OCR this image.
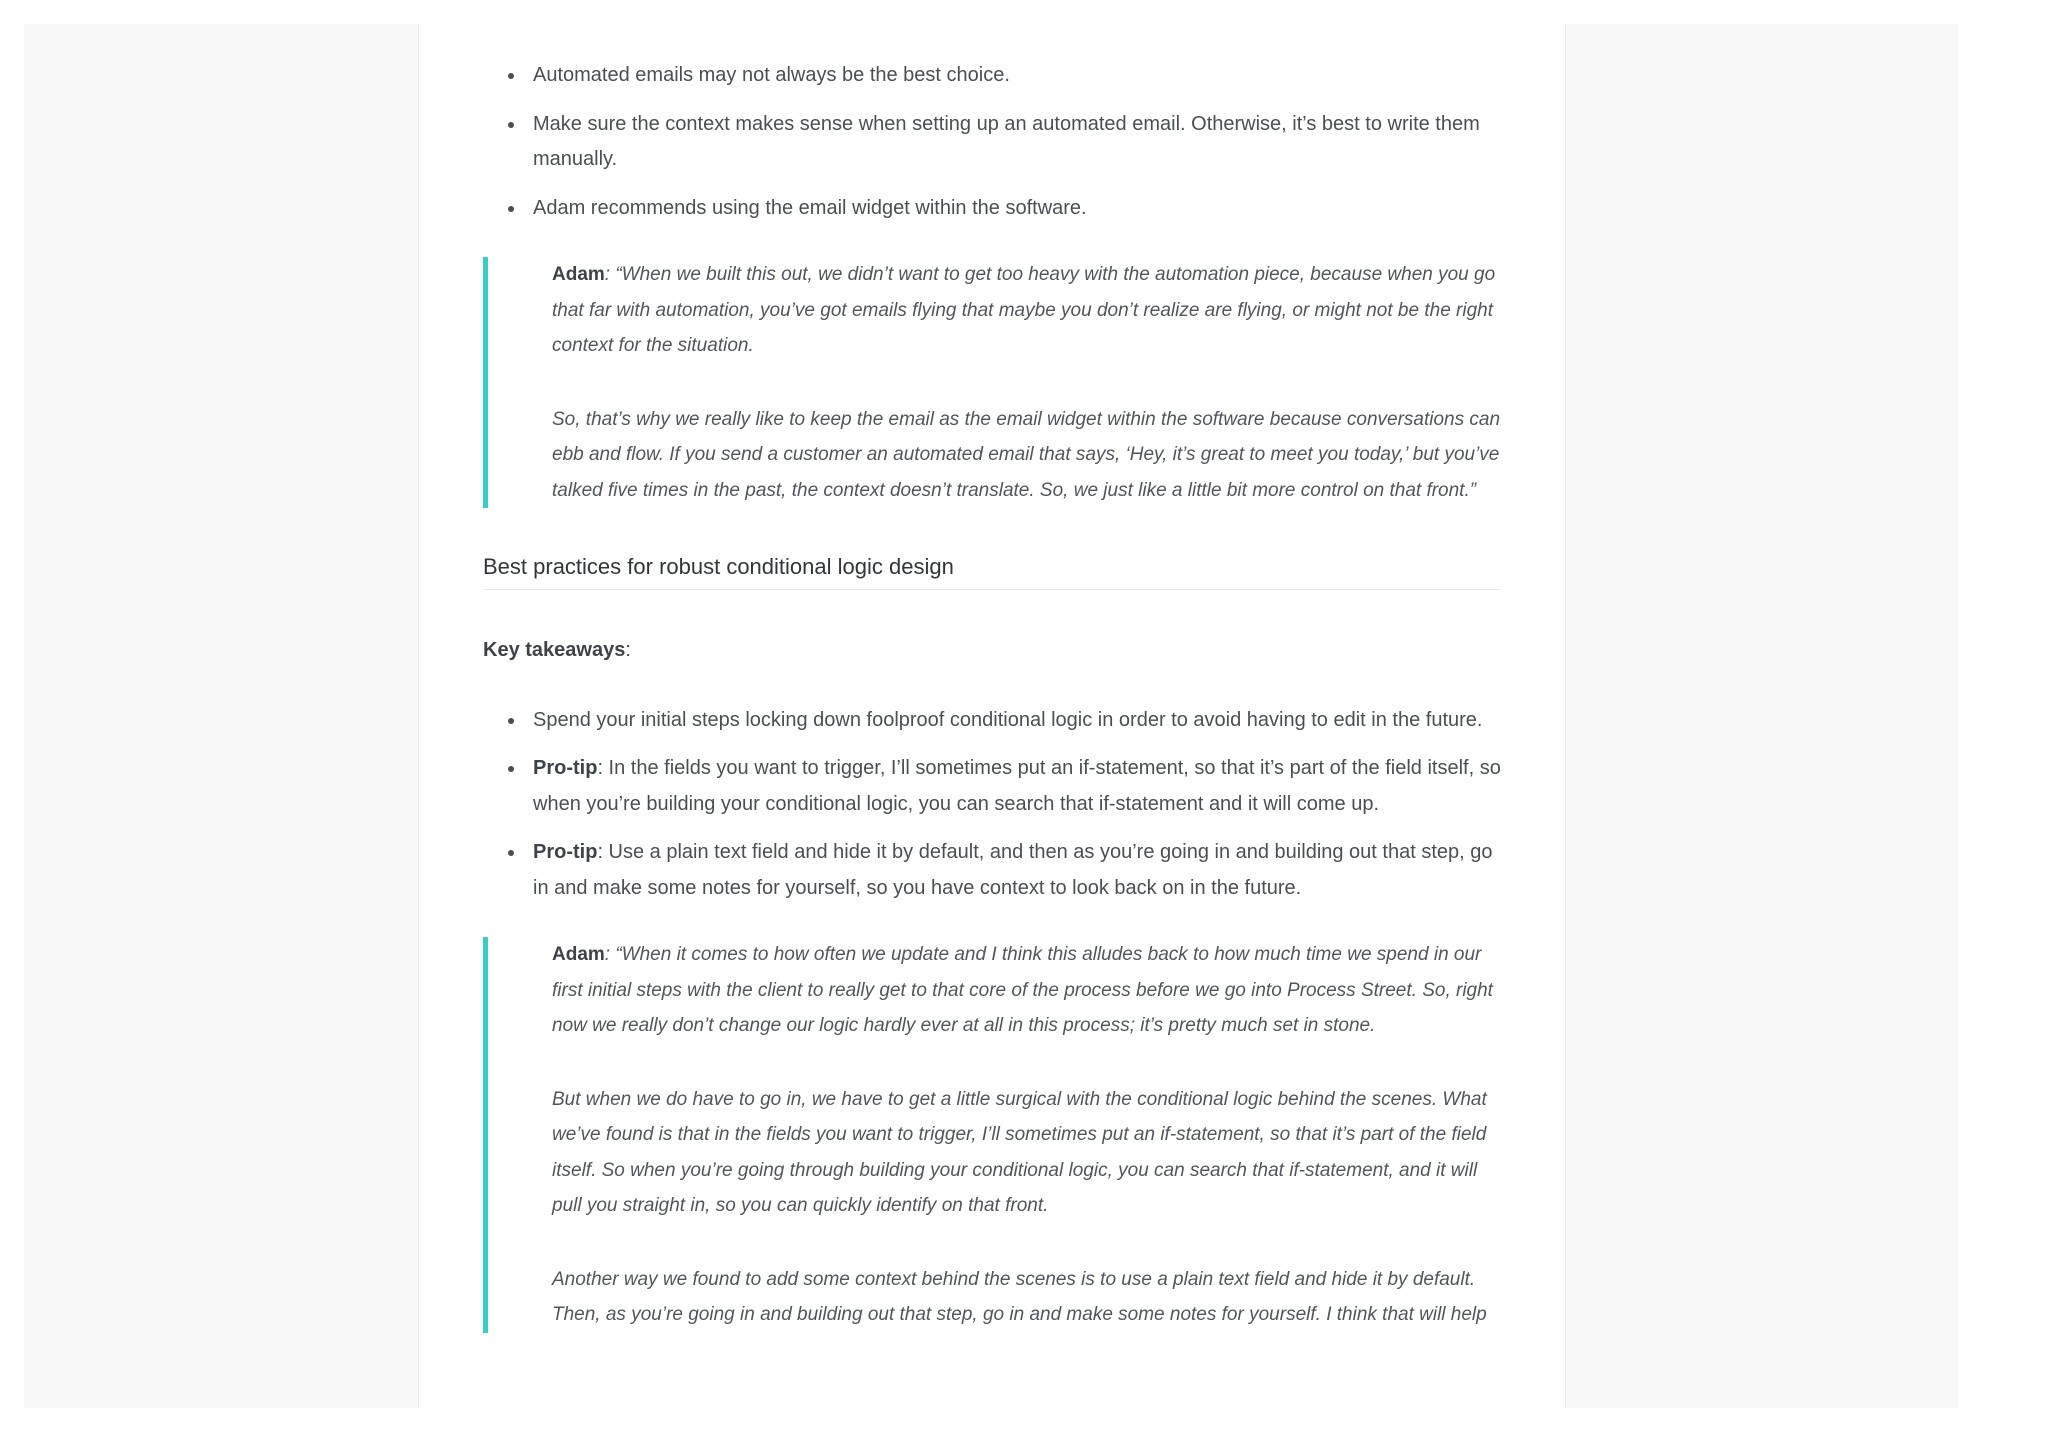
Automated emails may not always be the best choice.
Make sure the context makes sense when setting up an automated email. Otherwise, it’s best to write them manually.
Adam recommends using the email widget within the software.

Adam: “When we built this out, we didn’t want to get too heavy with the automation piece, because when you go that far with automation, you’ve got emails flying that maybe you don’t realize are flying, or might not be the right context for the situation.

So, that’s why we really like to keep the email as the email widget within the software because conversations can ebb and flow. If you send a customer an automated email that says, ‘Hey, it’s great to meet you today,’ but you’ve talked five times in the past, the context doesn’t translate. So, we just like a little bit more control on that front.”

Best practices for robust conditional logic design

Key takeaways:

Spend your initial steps locking down foolproof conditional logic in order to avoid having to edit in the future.
Pro-tip: In the fields you want to trigger, I’ll sometimes put an if-statement, so that it’s part of the field itself, so when you’re building your conditional logic, you can search that if-statement and it will come up.
Pro-tip: Use a plain text field and hide it by default, and then as you’re going in and building out that step, go in and make some notes for yourself, so you have context to look back on in the future.

Adam: “When it comes to how often we update and I think this alludes back to how much time we spend in our first initial steps with the client to really get to that core of the process before we go into Process Street. So, right now we really don’t change our logic hardly ever at all in this process; it’s pretty much set in stone.

But when we do have to go in, we have to get a little surgical with the conditional logic behind the scenes. What we’ve found is that in the fields you want to trigger, I’ll sometimes put an if-statement, so that it’s part of the field itself. So when you’re going through building your conditional logic, you can search that if-statement, and it will pull you straight in, so you can quickly identify on that front.

Another way we found to add some context behind the scenes is to use a plain text field and hide it by default. Then, as you’re going in and building out that step, go in and make some notes for yourself. I think that will help
